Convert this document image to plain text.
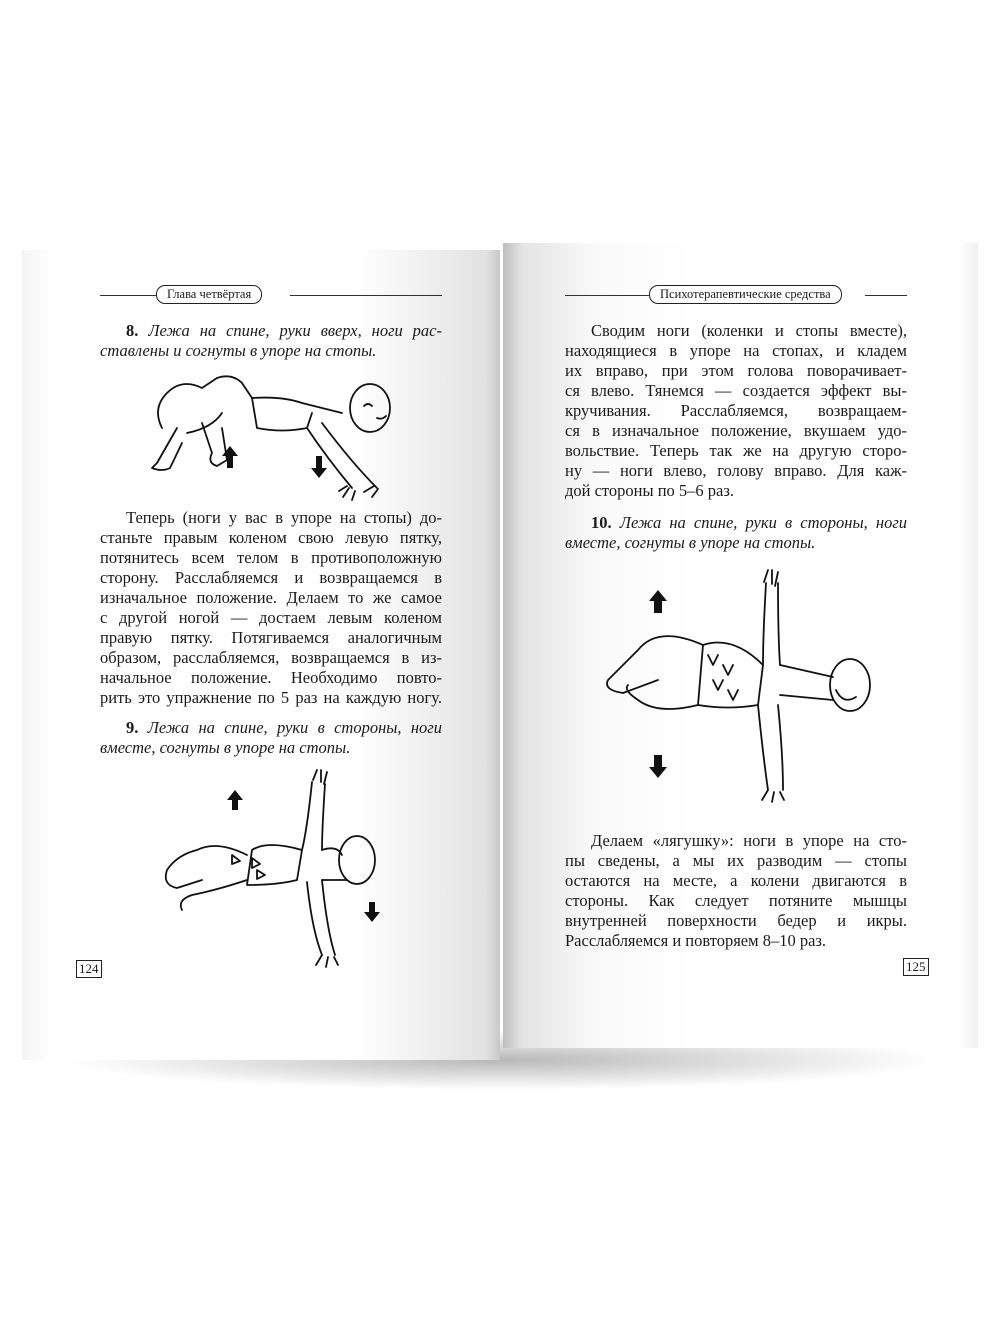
Глава четвёртая
8. Лежа на спине, руки вверх, ноги рас-
ставлены и согнуты в упоре на стопы.
Теперь (ноги у вас в упоре на стопы) до-
станьте правым коленом свою левую пятку,
потянитесь всем телом в противоположную
сторону. Расслабляемся и возвращаемся в
изначальное положение. Делаем то же самое
с другой ногой — достаем левым коленом
правую пятку. Потягиваемся аналогичным
образом, расслабляемся, возвращаемся в из-
начальное положение. Необходимо повто-
рить это упражнение по 5 раз на каждую ногу.
9. Лежа на спине, руки в стороны, ноги
вместе, согнуты в упоре на стопы.
124
Психотерапевтические средства
Сводим ноги (коленки и стопы вместе),
находящиеся в упоре на стопах, и кладем
их вправо, при этом голова поворачивает-
ся влево. Тянемся — создается эффект вы-
кручивания. Расслабляемся, возвращаем-
ся в изначальное положение, вкушаем удо-
вольствие. Теперь так же на другую сторо-
ну — ноги влево, голову вправо. Для каж-
дой стороны по 5–6 раз.
10. Лежа на спине, руки в стороны, ноги
вместе, согнуты в упоре на стопы.
Делаем «лягушку»: ноги в упоре на сто-
пы сведены, а мы их разводим — стопы
остаются на месте, а колени двигаются в
стороны. Как следует потяните мышцы
внутренней поверхности бедер и икры.
Расслабляемся и повторяем 8–10 раз.
125
